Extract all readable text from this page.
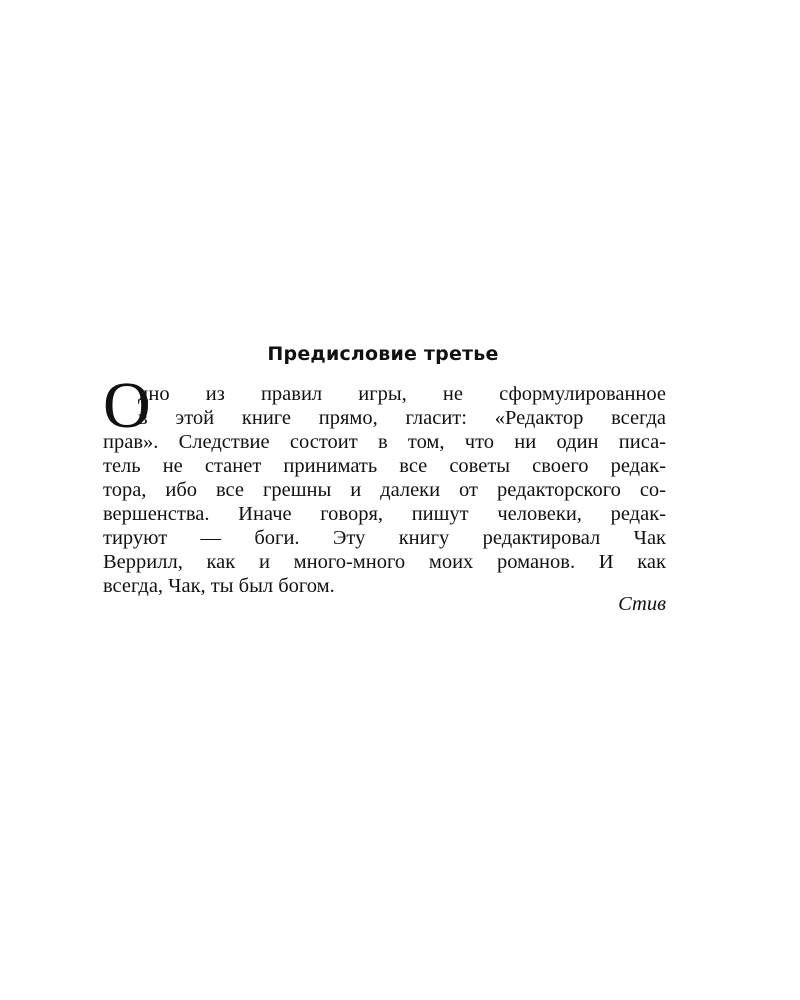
Предисловие третье
О
дно из правил игры, не сформулированное
в этой книге прямо, гласит: «Редактор всегда
прав». Следствие состоит в том, что ни один писа-
тель не станет принимать все советы своего редак-
тора, ибо все грешны и далеки от редакторского со-
вершенства. Иначе говоря, пишут человеки, редак-
тируют — боги. Эту книгу редактировал Чак
Веррилл, как и много-много моих романов. И как
всегда, Чак, ты был богом.
Стив
